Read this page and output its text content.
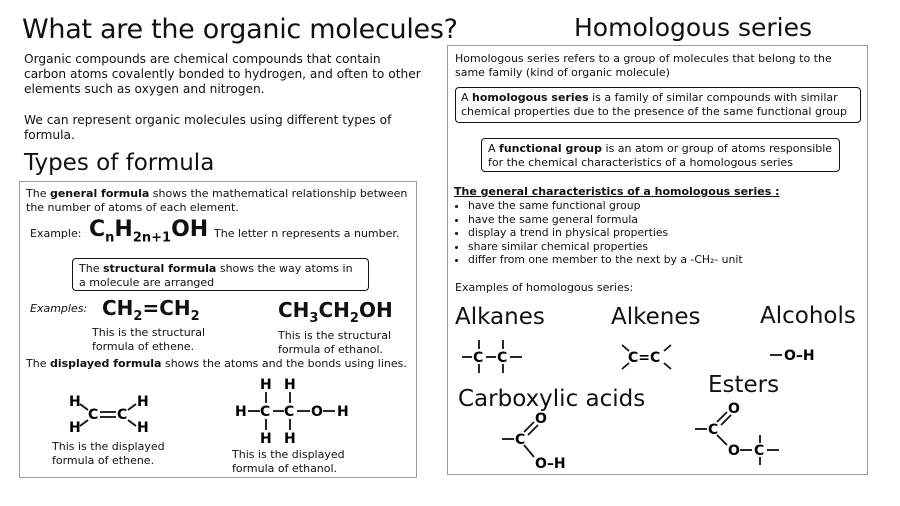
What are the organic molecules?

Organic compounds are chemical compounds that contain carbon atoms covalently bonded to hydrogen, and often to other elements such as oxygen and nitrogen.

We can represent organic molecules using different types of formula.

Types of formula
Homologous series
The general formula shows the mathematical relationship between the number of atoms of each element.
Example: $C_nH_{2n+1}OH$ The letter n represents a number.
The structural formula shows the way atoms in a molecule are arranged
Examples: $CH_2=CH_2$	$CH_3CH_2OH$
This is the structural formula of ethene.
This is the structural formula of ethanol.
The displayed formula shows the atoms and the bonds using lines.
H
H
C C
H
H
This is the displayed formula of ethene.
H H
H C C O H
H H
This is the displayed formula of ethanol.
Homologous series refers to a group of molecules that belong to the same family (kind of organic molecule)
A homologous series is a family of similar compounds with similar chemical properties due to the presence of the same functional group
A functional group is an atom or group of atoms responsible for the chemical characteristics of a homologous series
The general characteristics of a homologous series :
• have the same functional group
• have the same general formula
• display a trend in physical properties
• share similar chemical properties
• differ from one member to the next by a -CH₂- unit
Examples of homologous series:
Alkanes	Alkenes	Alcohols
Carboxylic acids
Esters
C C	C=C	O–H
C
O
O–H
C
O
O C
